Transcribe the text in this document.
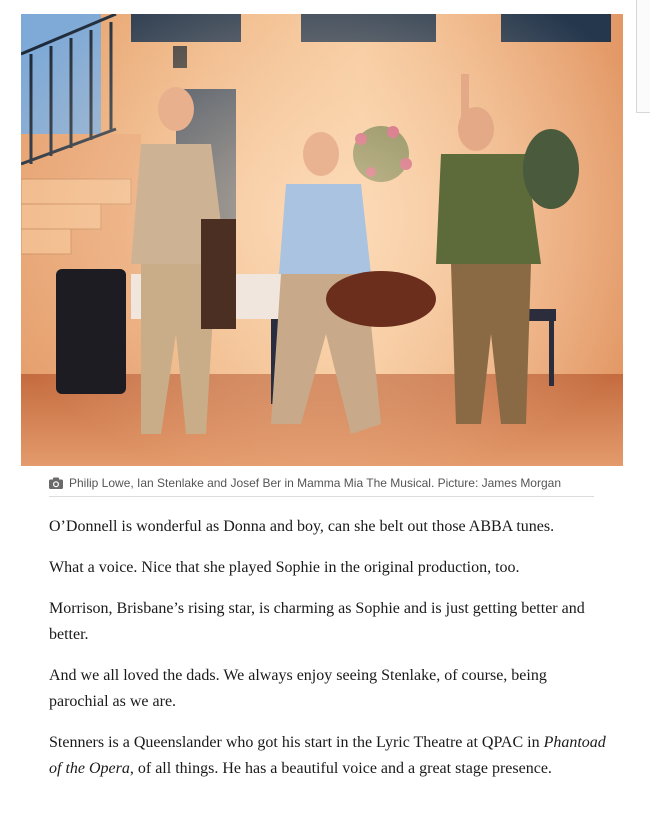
Philip Lowe, Ian Stenlake and Josef Ber in Mamma Mia The Musical. Picture: James Morgan

O’Donnell is wonderful as Donna and boy, can she belt out those ABBA tunes.

What a voice. Nice that she played Sophie in the original production, too.

Morrison, Brisbane’s rising star, is charming as Sophie and is just getting better and better.

And we all loved the dads. We always enjoy seeing Stenlake, of course, being parochial as we are.

Stenners is a Queenslander who got his start in the Lyric Theatre at QPAC in Phantoad of the Opera, of all things. He has a beautiful voice and a great stage presence.
